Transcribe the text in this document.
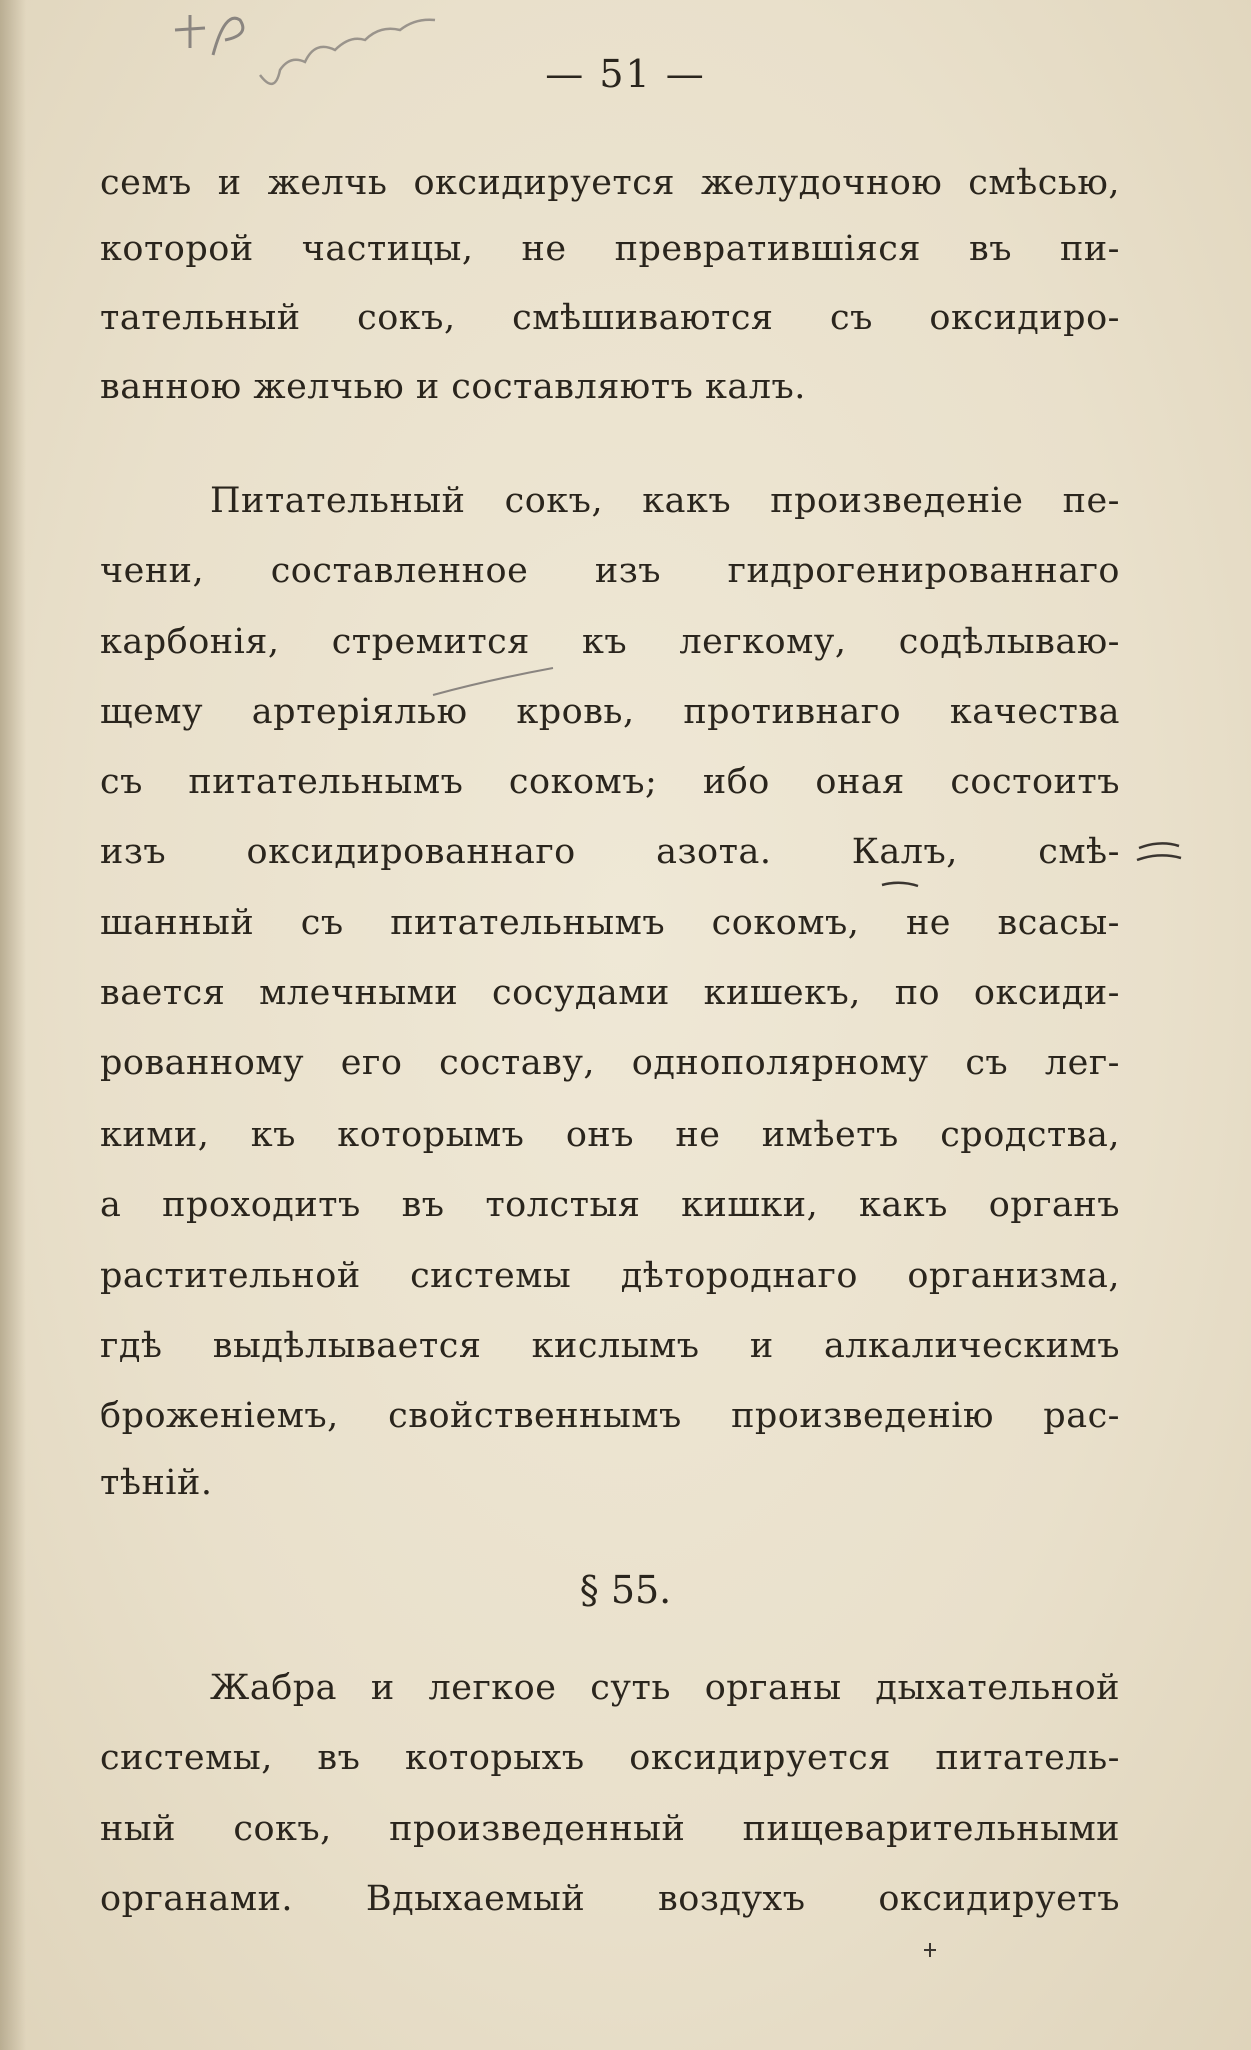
— 51 —
семъ и желчь оксидируется желудочною смѣсью,
которой частицы, не превратившiяся въ пи-
тательный сокъ, смѣшиваются съ оксидиро-
ванною желчью и составляютъ калъ.
Питательный сокъ, какъ произведенiе пе-
чени, составленное изъ гидрогенированнаго
карбонiя, стремится къ легкому, содѣлываю-
щему артерiялью кровь, противнаго качества
съ питательнымъ сокомъ; ибо оная состоитъ
изъ оксидированнаго азота. Калъ, смѣ-
шанный съ питательнымъ сокомъ, не всасы-
вается млечными сосудами кишекъ, по оксиди-
рованному его составу, однополярному съ лег-
кими, къ которымъ онъ не имѣетъ сродства,
а проходитъ въ толстыя кишки, какъ органъ
растительной системы дѣтороднаго организма,
гдѣ выдѣлывается кислымъ и алкалическимъ
броженiемъ, свойственнымъ произведенiю рас-
тѣнiй.
§ 55.
Жабра и легкое суть органы дыхательной
системы, въ которыхъ оксидируется питатель-
ный сокъ, произведенный пищеварительными
органами. Вдыхаемый воздухъ оксидируетъ
